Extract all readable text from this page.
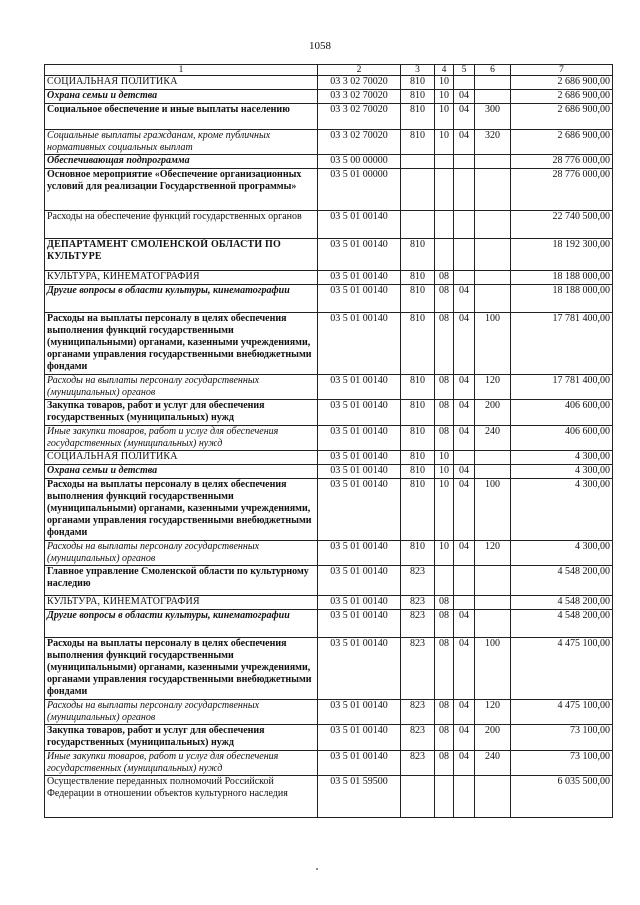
1058
1	2	3	4	5	6	7
СОЦИАЛЬНАЯ ПОЛИТИКА	03 3 02 70020	810	10			2 686 900,00
Охрана семьи и детства	03 3 02 70020	810	10	04		2 686 900,00
Социальное обеспечение и иные выплаты населению	03 3 02 70020	810	10	04	300	2 686 900,00
Социальные выплаты гражданам, кроме публичных нормативных социальных выплат	03 3 02 70020	810	10	04	320	2 686 900,00
Обеспечивающая подпрограмма	03 5 00 00000					28 776 000,00
Основное мероприятие «Обеспечение организационных условий для реализации Государственной программы»	03 5 01 00000					28 776 000,00
Расходы на обеспечение функций государственных органов	03 5 01 00140					22 740 500,00
ДЕПАРТАМЕНТ СМОЛЕНСКОЙ ОБЛАСТИ ПО КУЛЬТУРЕ	03 5 01 00140	810				18 192 300,00
КУЛЬТУРА, КИНЕМАТОГРАФИЯ	03 5 01 00140	810	08			18 188 000,00
Другие вопросы в области культуры, кинематографии	03 5 01 00140	810	08	04		18 188 000,00
Расходы на выплаты персоналу в целях обеспечения выполнения функций государственными (муниципальными) органами, казенными учреждениями, органами управления государственными внебюджетными фондами	03 5 01 00140	810	08	04	100	17 781 400,00
Расходы на выплаты персоналу государственных (муниципальных) органов	03 5 01 00140	810	08	04	120	17 781 400,00
Закупка товаров, работ и услуг для обеспечения государственных (муниципальных) нужд	03 5 01 00140	810	08	04	200	406 600,00
Иные закупки товаров, работ и услуг для обеспечения государственных (муниципальных) нужд	03 5 01 00140	810	08	04	240	406 600,00
СОЦИАЛЬНАЯ ПОЛИТИКА	03 5 01 00140	810	10			4 300,00
Охрана семьи и детства	03 5 01 00140	810	10	04		4 300,00
Расходы на выплаты персоналу в целях обеспечения выполнения функций государственными (муниципальными) органами, казенными учреждениями, органами управления государственными внебюджетными фондами	03 5 01 00140	810	10	04	100	4 300,00
Расходы на выплаты персоналу государственных (муниципальных) органов	03 5 01 00140	810	10	04	120	4 300,00
Главное управление Смоленской области по культурному наследию	03 5 01 00140	823				4 548 200,00
КУЛЬТУРА, КИНЕМАТОГРАФИЯ	03 5 01 00140	823	08			4 548 200,00
Другие вопросы в области культуры, кинематографии	03 5 01 00140	823	08	04		4 548 200,00
Расходы на выплаты персоналу в целях обеспечения выполнения функций государственными (муниципальными) органами, казенными учреждениями, органами управления государственными внебюджетными фондами	03 5 01 00140	823	08	04	100	4 475 100,00
Расходы на выплаты персоналу государственных (муниципальных) органов	03 5 01 00140	823	08	04	120	4 475 100,00
Закупка товаров, работ и услуг для обеспечения государственных (муниципальных) нужд	03 5 01 00140	823	08	04	200	73 100,00
Иные закупки товаров, работ и услуг для обеспечения государственных (муниципальных) нужд	03 5 01 00140	823	08	04	240	73 100,00
Осуществление переданных полномочий Российской Федерации в отношении объектов культурного наследия	03 5 01 59500					6 035 500,00
